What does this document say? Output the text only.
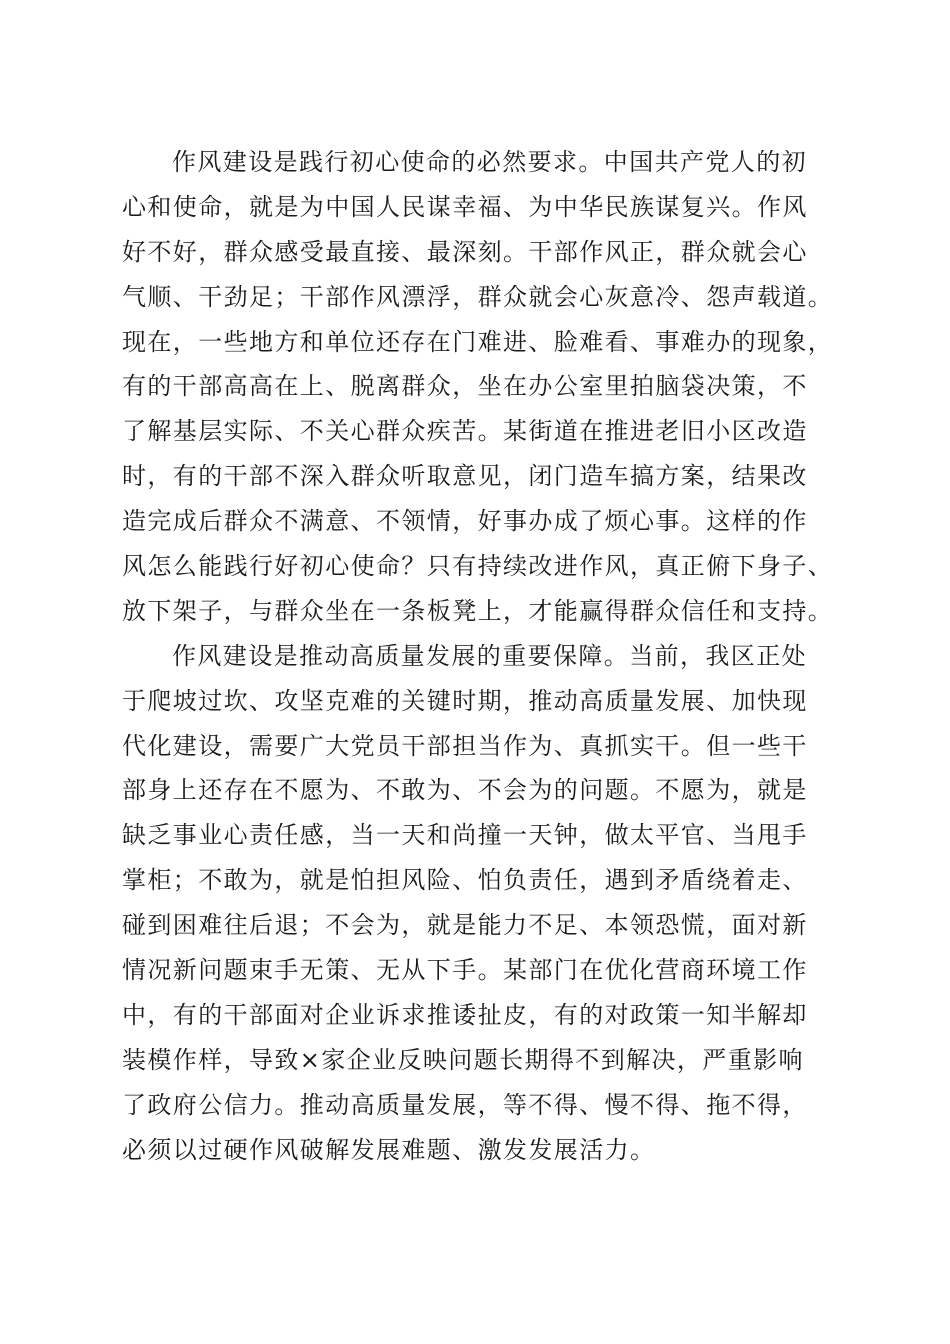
作风建设是践行初心使命的必然要求。中国共产党人的初
心和使命，就是为中国人民谋幸福、为中华民族谋复兴。作风
好不好，群众感受最直接、最深刻。干部作风正，群众就会心
气顺、干劲足；干部作风漂浮，群众就会心灰意冷、怨声载道。
现在，一些地方和单位还存在门难进、脸难看、事难办的现象，
有的干部高高在上、脱离群众，坐在办公室里拍脑袋决策，不
了解基层实际、不关心群众疾苦。某街道在推进老旧小区改造
时，有的干部不深入群众听取意见，闭门造车搞方案，结果改
造完成后群众不满意、不领情，好事办成了烦心事。这样的作
风怎么能践行好初心使命？只有持续改进作风，真正俯下身子、
放下架子，与群众坐在一条板凳上，才能赢得群众信任和支持。
作风建设是推动高质量发展的重要保障。当前，我区正处
于爬坡过坎、攻坚克难的关键时期，推动高质量发展、加快现
代化建设，需要广大党员干部担当作为、真抓实干。但一些干
部身上还存在不愿为、不敢为、不会为的问题。不愿为，就是
缺乏事业心责任感，当一天和尚撞一天钟，做太平官、当甩手
掌柜；不敢为，就是怕担风险、怕负责任，遇到矛盾绕着走、
碰到困难往后退；不会为，就是能力不足、本领恐慌，面对新
情况新问题束手无策、无从下手。某部门在优化营商环境工作
中，有的干部面对企业诉求推诿扯皮，有的对政策一知半解却
装模作样，导致×家企业反映问题长期得不到解决，严重影响
了政府公信力。推动高质量发展，等不得、慢不得、拖不得，
必须以过硬作风破解发展难题、激发发展活力。
